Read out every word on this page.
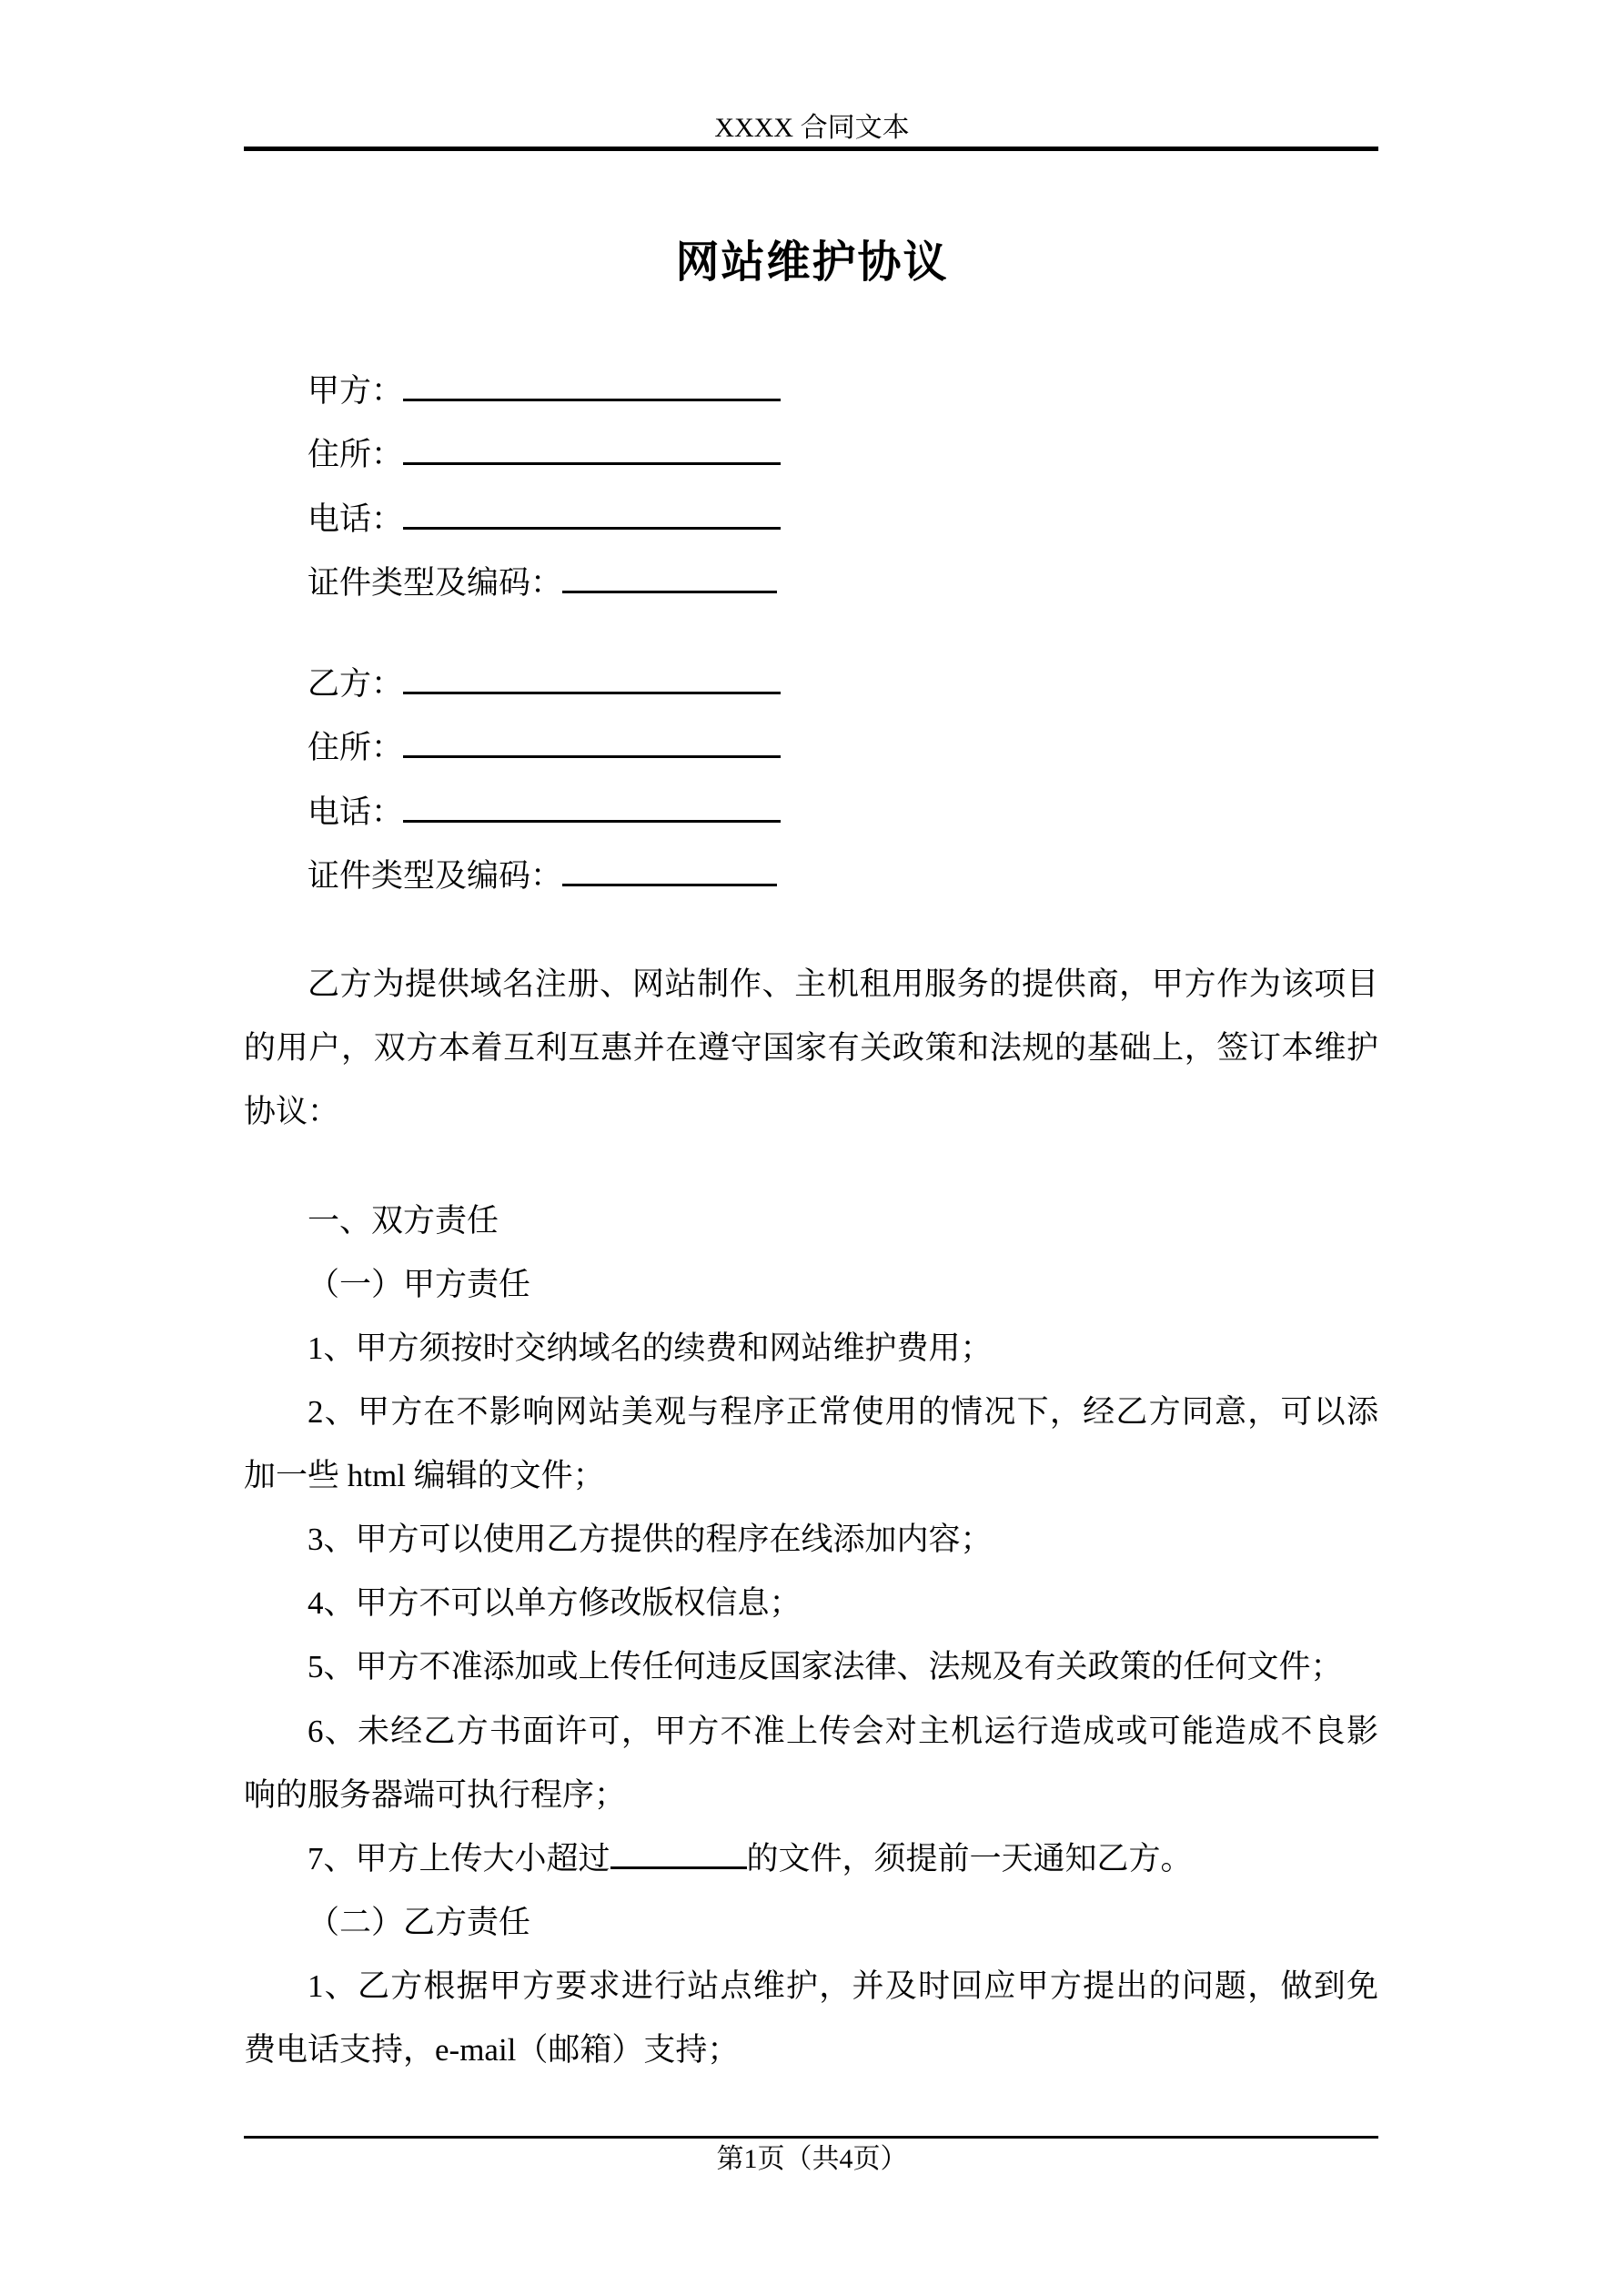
XXXX 合同文本
网站维护协议
甲方：
住所：
电话：
证件类型及编码：
乙方：
住所：
电话：
证件类型及编码：
乙方为提供域名注册、网站制作、主机租用服务的提供商，甲方作为该项目
的用户，双方本着互利互惠并在遵守国家有关政策和法规的基础上，签订本维护
协议：
一、双方责任
（一）甲方责任
1、甲方须按时交纳域名的续费和网站维护费用；
2、甲方在不影响网站美观与程序正常使用的情况下，经乙方同意，可以添
加一些 html 编辑的文件；
3、甲方可以使用乙方提供的程序在线添加内容；
4、甲方不可以单方修改版权信息；
5、甲方不准添加或上传任何违反国家法律、法规及有关政策的任何文件；
6、未经乙方书面许可，甲方不准上传会对主机运行造成或可能造成不良影
响的服务器端可执行程序；
7、甲方上传大小超过	的文件，须提前一天通知乙方。
（二）乙方责任
1、乙方根据甲方要求进行站点维护，并及时回应甲方提出的问题，做到免
费电话支持，e-mail（邮箱）支持；
第1页（共4页）
